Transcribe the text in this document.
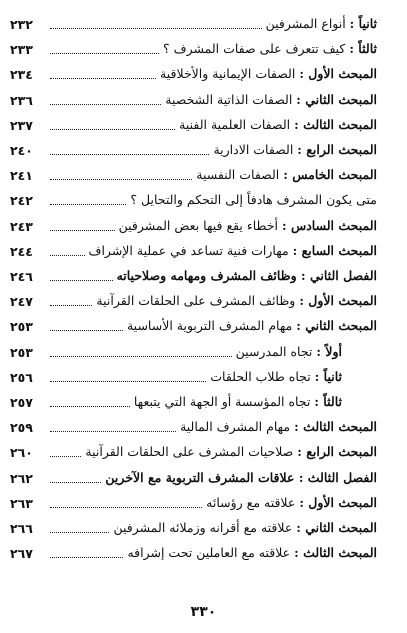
ثانياً : أنواع المشرفين
٢٣٢
ثالثاً : كيف تتعرف على صفات المشرف ؟
٢٣٣
المبحث الأول : الصفات الإيمانية والأخلاقية
٢٣٤
المبحث الثاني : الصفات الذاتية الشخصية
٢٣٦
المبحث الثالث : الصفات العلمية الفنية
٢٣٧
المبحث الرابع : الصفات الادارية
٢٤٠
المبحث الخامس : الصفات النفسية
٢٤١
متى يكون المشرف هادفاً إلى التحكم والتحايل ؟
٢٤٢
المبحث السادس : أخطاء يقع فيها بعض المشرفين
٢٤٣
المبحث السابع : مهارات فنية تساعد في عملية الإشراف
٢٤٤
الفصل الثاني : وظائف المشرف ومهامه وصلاحياته
٢٤٦
المبحث الأول : وظائف المشرف على الحلقات القرآنية
٢٤٧
المبحث الثاني : مهام المشرف التربوية الأساسية
٢٥٣
أولاً : تجاه المدرسين
٢٥٣
ثانياً : تجاه طلاب الحلقات
٢٥٦
ثالثاً : تجاه المؤسسة أو الجهة التي يتبعها
٢٥٧
المبحث الثالث : مهام المشرف المالية
٢٥٩
المبحث الرابع : صلاحيات المشرف على الحلقات القرآنية
٢٦٠
الفصل الثالث : علاقات المشرف التربوية مع الآخرين
٢٦٢
المبحث الأول : علاقته مع رؤسائه
٢٦٣
المبحث الثاني : علاقته مع أقرانه وزملائه المشرفين
٢٦٦
المبحث الثالث : علاقته مع العاملين تحت إشرافه
٢٦٧
٣٣٠
